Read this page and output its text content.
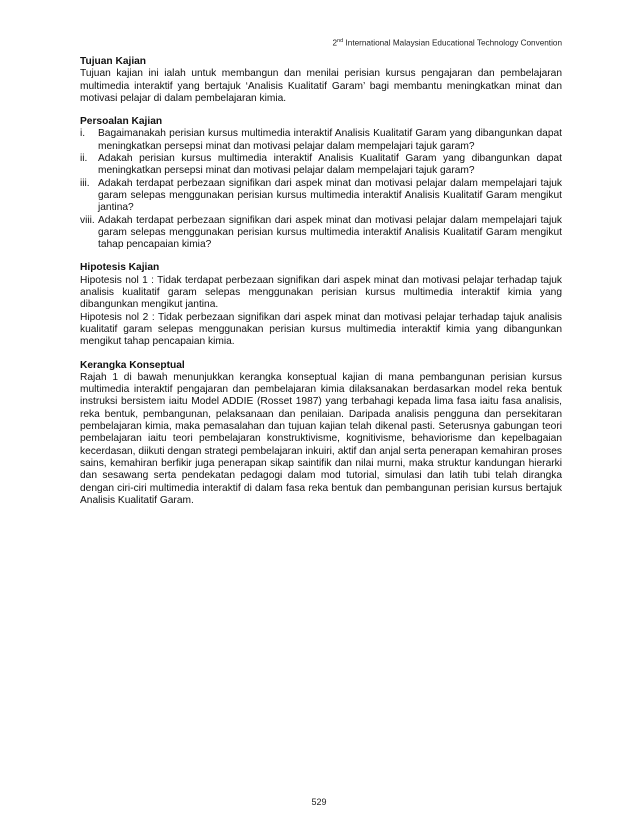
2nd International Malaysian Educational Technology Convention

Tujuan Kajian

Tujuan kajian ini ialah untuk membangun dan menilai perisian kursus pengajaran dan pembelajaran multimedia interaktif yang bertajuk ‘Analisis Kualitatif Garam’ bagi membantu meningkatkan minat dan motivasi pelajar di dalam pembelajaran kimia.

Persoalan Kajian

i. Bagaimanakah perisian kursus multimedia interaktif Analisis Kualitatif Garam yang dibangunkan dapat meningkatkan persepsi minat dan motivasi pelajar dalam mempelajari tajuk garam?
ii. Adakah perisian kursus multimedia interaktif Analisis Kualitatif Garam yang dibangunkan dapat meningkatkan persepsi minat dan motivasi pelajar dalam mempelajari tajuk garam?
iii. Adakah terdapat perbezaan signifikan dari aspek minat dan motivasi pelajar dalam mempelajari tajuk garam selepas menggunakan perisian kursus multimedia interaktif Analisis Kualitatif Garam mengikut jantina?
viii. Adakah terdapat perbezaan signifikan dari aspek minat dan motivasi pelajar dalam mempelajari tajuk garam selepas menggunakan perisian kursus multimedia interaktif Analisis Kualitatif Garam mengikut tahap pencapaian kimia?

Hipotesis Kajian

Hipotesis nol 1 : Tidak terdapat perbezaan signifikan dari aspek minat dan motivasi pelajar terhadap tajuk analisis kualitatif garam selepas menggunakan perisian kursus multimedia interaktif kimia yang dibangunkan mengikut jantina.

Hipotesis nol 2 : Tidak perbezaan signifikan dari aspek minat dan motivasi pelajar terhadap tajuk analisis kualitatif garam selepas menggunakan perisian kursus multimedia interaktif kimia yang dibangunkan mengikut tahap pencapaian kimia.

Kerangka Konseptual

Rajah 1 di bawah menunjukkan kerangka konseptual kajian di mana pembangunan perisian kursus multimedia interaktif pengajaran dan pembelajaran kimia dilaksanakan berdasarkan model reka bentuk instruksi bersistem iaitu Model ADDIE (Rosset 1987) yang terbahagi kepada lima fasa iaitu fasa analisis, reka bentuk, pembangunan, pelaksanaan dan penilaian. Daripada analisis pengguna dan persekitaran pembelajaran kimia, maka pemasalahan dan tujuan kajian telah dikenal pasti. Seterusnya gabungan teori pembelajaran iaitu teori pembelajaran konstruktivisme, kognitivisme, behaviorisme dan kepelbagaian kecerdasan, diikuti dengan strategi pembelajaran inkuiri, aktif dan anjal serta penerapan kemahiran proses sains, kemahiran berfikir juga penerapan sikap saintifik dan nilai murni, maka struktur kandungan hierarki dan sesawang serta pendekatan pedagogi dalam mod tutorial, simulasi dan latih tubi telah dirangka dengan ciri-ciri multimedia interaktif di dalam fasa reka bentuk dan pembangunan perisian kursus bertajuk Analisis Kualitatif Garam.

529
